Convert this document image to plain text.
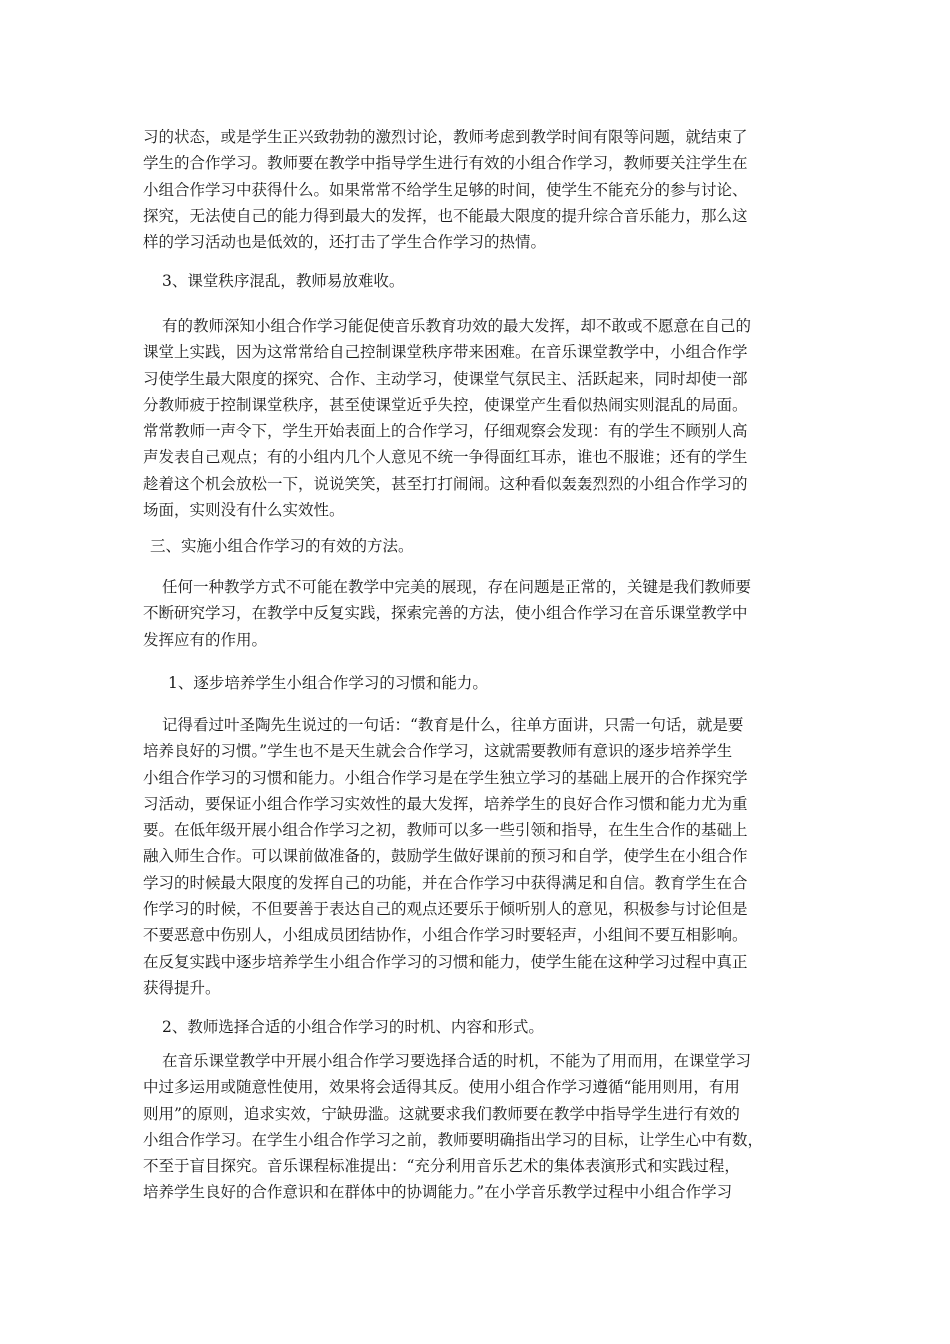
习的状态，或是学生正兴致勃勃的激烈讨论，教师考虑到教学时间有限等问题，就结束了

学生的合作学习。教师要在教学中指导学生进行有效的小组合作学习，教师要关注学生在

小组合作学习中获得什么。如果常常不给学生足够的时间，使学生不能充分的参与讨论、

探究，无法使自己的能力得到最大的发挥，也不能最大限度的提升综合音乐能力，那么这

样的学习活动也是低效的，还打击了学生合作学习的热情。

3、课堂秩序混乱，教师易放难收。

有的教师深知小组合作学习能促使音乐教育功效的最大发挥，却不敢或不愿意在自己的

课堂上实践，因为这常常给自己控制课堂秩序带来困难。在音乐课堂教学中，小组合作学

习使学生最大限度的探究、合作、主动学习，使课堂气氛民主、活跃起来，同时却使一部

分教师疲于控制课堂秩序，甚至使课堂近乎失控，使课堂产生看似热闹实则混乱的局面。

常常教师一声令下，学生开始表面上的合作学习，仔细观察会发现：有的学生不顾别人高

声发表自己观点；有的小组内几个人意见不统一争得面红耳赤，谁也不服谁；还有的学生

趁着这个机会放松一下，说说笑笑，甚至打打闹闹。这种看似轰轰烈烈的小组合作学习的

场面，实则没有什么实效性。

三、实施小组合作学习的有效的方法。

任何一种教学方式不可能在教学中完美的展现，存在问题是正常的，关键是我们教师要

不断研究学习，在教学中反复实践，探索完善的方法，使小组合作学习在音乐课堂教学中

发挥应有的作用。

1、逐步培养学生小组合作学习的习惯和能力。

记得看过叶圣陶先生说过的一句话：“教育是什么，往单方面讲，只需一句话，就是要

培养良好的习惯。”学生也不是天生就会合作学习，这就需要教师有意识的逐步培养学生

小组合作学习的习惯和能力。小组合作学习是在学生独立学习的基础上展开的合作探究学

习活动，要保证小组合作学习实效性的最大发挥，培养学生的良好合作习惯和能力尤为重

要。在低年级开展小组合作学习之初，教师可以多一些引领和指导，在生生合作的基础上

融入师生合作。可以课前做准备的，鼓励学生做好课前的预习和自学，使学生在小组合作

学习的时候最大限度的发挥自己的功能，并在合作学习中获得满足和自信。教育学生在合

作学习的时候，不但要善于表达自己的观点还要乐于倾听别人的意见，积极参与讨论但是

不要恶意中伤别人，小组成员团结协作，小组合作学习时要轻声，小组间不要互相影响。

在反复实践中逐步培养学生小组合作学习的习惯和能力，使学生能在这种学习过程中真正

获得提升。

2、教师选择合适的小组合作学习的时机、内容和形式。

在音乐课堂教学中开展小组合作学习要选择合适的时机，不能为了用而用，在课堂学习

中过多运用或随意性使用，效果将会适得其反。使用小组合作学习遵循“能用则用，有用

则用”的原则，追求实效，宁缺毋滥。这就要求我们教师要在教学中指导学生进行有效的

小组合作学习。在学生小组合作学习之前，教师要明确指出学习的目标，让学生心中有数，

不至于盲目探究。音乐课程标准提出：“充分利用音乐艺术的集体表演形式和实践过程，

培养学生良好的合作意识和在群体中的协调能力。”在小学音乐教学过程中小组合作学习
